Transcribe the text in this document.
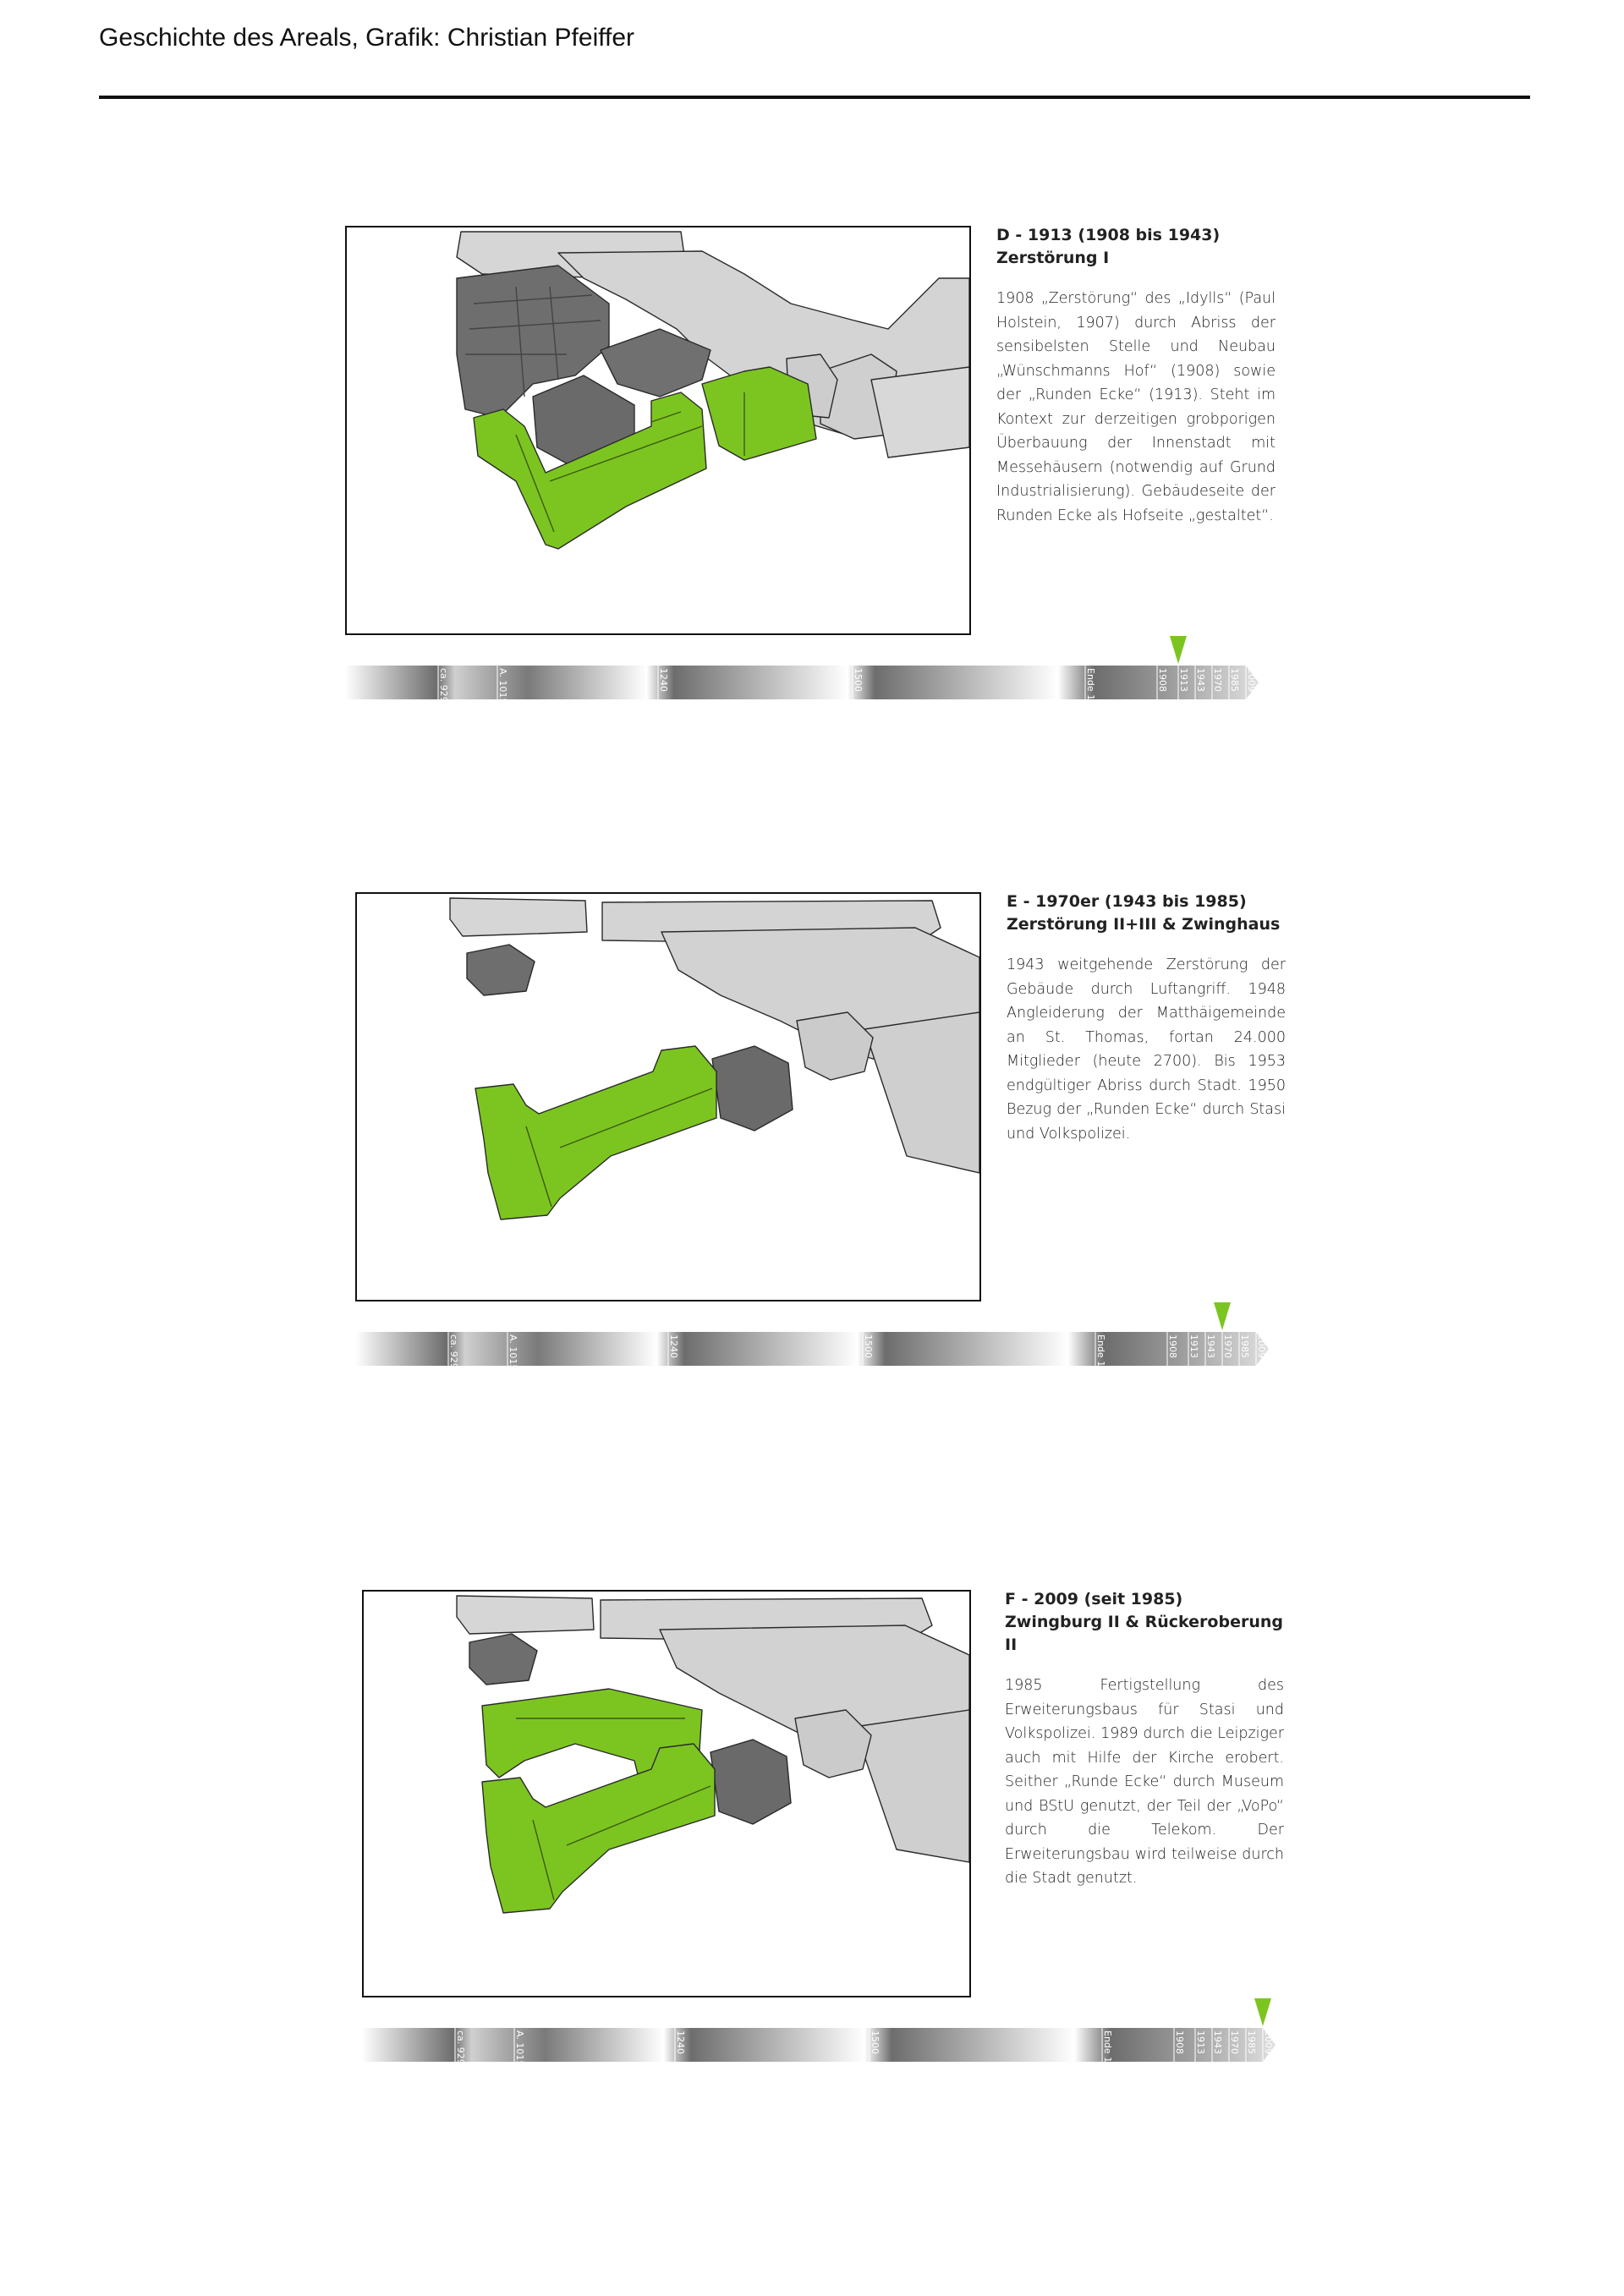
Geschichte des Areals, Grafik: Christian Pfeiffer
D - 1913 (1908 bis 1943)
Zerstörung I
1908 „Zerstörung“ des „Idylls“ (Paul Holstein, 1907) durch Abriss der sensibelsten Stelle und Neubau „Wünschmanns Hof“ (1908) sowie der „Runden Ecke“ (1913). Steht im Kontext zur derzeitigen grobporigen Überbauung der Innenstadt mit Messehäusern (notwendig auf Grund Industrialisierung). Gebäudeseite der Runden Ecke als Hofseite „gestaltet“.
ca. 929	A. 1015	1240	1500	Ende 18. Jh.	1908 1913 1943 1970 1985 2009
E - 1970er (1943 bis 1985)
Zerstörung II+III & Zwinghaus
1943 weitgehende Zerstörung der Gebäude durch Luftangriff. 1948 Angleiderung der Matthäigemeinde an St. Thomas, fortan 24.000 Mitglieder (heute 2700). Bis 1953 endgültiger Abriss durch Stadt. 1950 Bezug der „Runden Ecke“ durch Stasi und Volkspolizei.
ca. 929	A. 1015	1240	1500	Ende 18. Jh.	1908 1913 1943 1970 1985 2009
F - 2009 (seit 1985)
Zwingburg II & Rückeroberung II
1985 Fertigstellung des Erweiterungsbaus für Stasi und Volkspolizei. 1989 durch die Leipziger auch mit Hilfe der Kirche erobert. Seither „Runde Ecke“ durch Museum und BStU genutzt, der Teil der „VoPo“ durch die Telekom. Der Erweiterungsbau wird teilweise durch die Stadt genutzt.
ca. 929	A. 1015	1240	1500	Ende 18. Jh.	1908 1913 1943 1970 1985 2009
